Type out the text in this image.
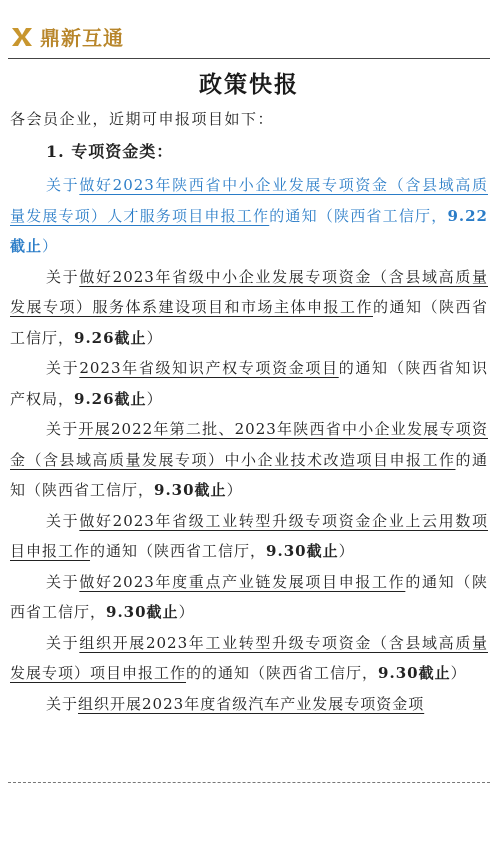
鼎新互通
政策快报
各会员企业，近期可申报项目如下：
1. 专项资金类：

关于做好2023年陕西省中小企业发展专项资金（含县域高质量发展专项）人才服务项目申报工作的通知（陕西省工信厅，9.22截止）

关于做好2023年省级中小企业发展专项资金（含县域高质量发展专项）服务体系建设项目和市场主体申报工作的通知（陕西省工信厅，9.26截止）

关于2023年省级知识产权专项资金项目的通知（陕西省知识产权局，9.26截止）

关于开展2022年第二批、2023年陕西省中小企业发展专项资金（含县域高质量发展专项）中小企业技术改造项目申报工作的通知（陕西省工信厅，9.30截止）

关于做好2023年省级工业转型升级专项资金企业上云用数项目申报工作的通知（陕西省工信厅，9.30截止）

关于做好2023年度重点产业链发展项目申报工作的通知（陕西省工信厅，9.30截止）

关于组织开展2023年工业转型升级专项资金（含县域高质量发展专项）项目申报工作的的通知（陕西省工信厅，9.30截止）

关于组织开展2023年度省级汽车产业发展专项资金项
